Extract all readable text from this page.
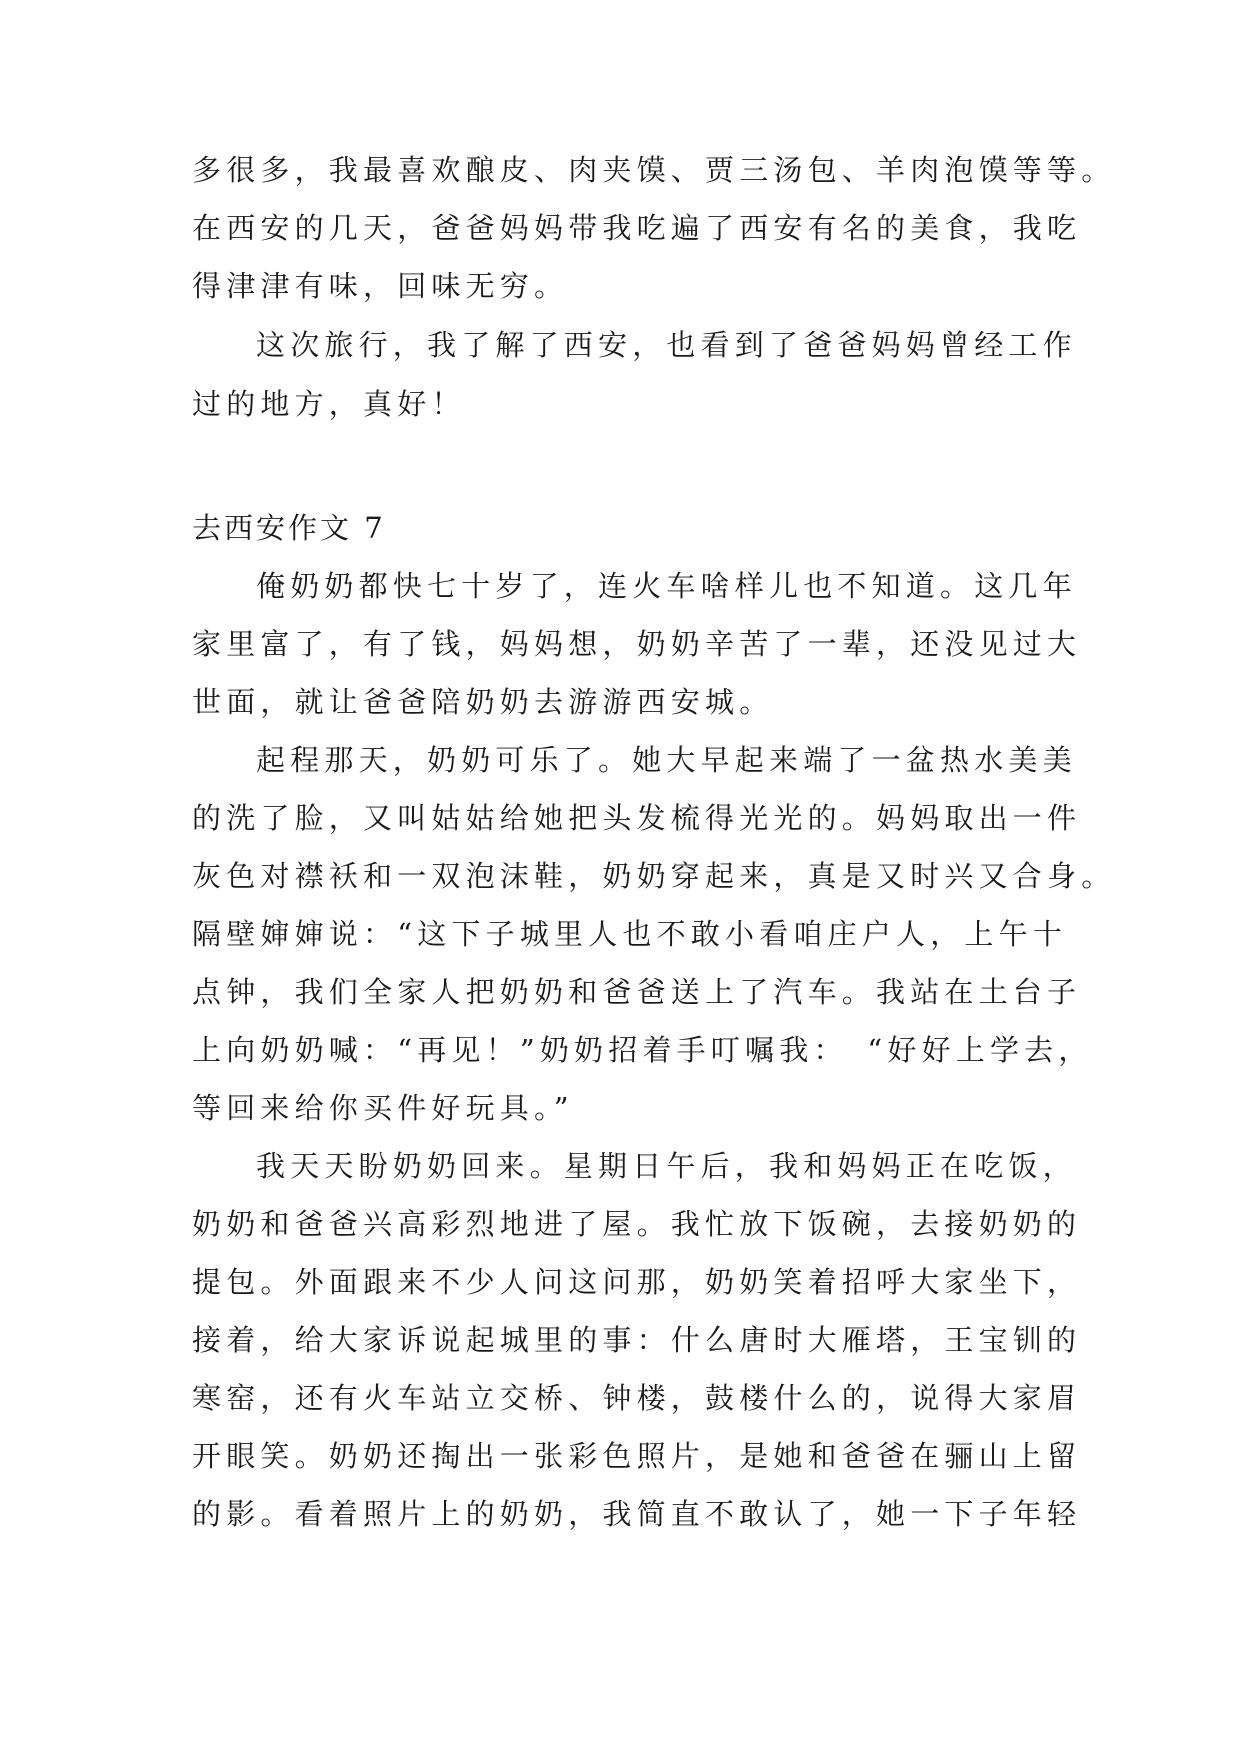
多很多，我最喜欢酿皮、肉夹馍、贾三汤包、羊肉泡馍等等。
在西安的几天，爸爸妈妈带我吃遍了西安有名的美食，我吃
得津津有味，回味无穷。
这次旅行，我了解了西安，也看到了爸爸妈妈曾经工作
过的地方，真好！
去西安作文 7
俺奶奶都快七十岁了，连火车啥样儿也不知道。这几年
家里富了，有了钱，妈妈想，奶奶辛苦了一辈，还没见过大
世面，就让爸爸陪奶奶去游游西安城。
起程那天，奶奶可乐了。她大早起来端了一盆热水美美
的洗了脸，又叫姑姑给她把头发梳得光光的。妈妈取出一件
灰色对襟袄和一双泡沫鞋，奶奶穿起来，真是又时兴又合身。
隔壁婶婶说：“这下子城里人也不敢小看咱庄户人，上午十
点钟，我们全家人把奶奶和爸爸送上了汽车。我站在土台子
上向奶奶喊：“再见！”奶奶招着手叮嘱我：　“好好上学去，
等回来给你买件好玩具。”
我天天盼奶奶回来。星期日午后，我和妈妈正在吃饭，
奶奶和爸爸兴高彩烈地进了屋。我忙放下饭碗，去接奶奶的
提包。外面跟来不少人问这问那，奶奶笑着招呼大家坐下，
接着，给大家诉说起城里的事：什么唐时大雁塔，王宝钏的
寒窑，还有火车站立交桥、钟楼，鼓楼什么的，说得大家眉
开眼笑。奶奶还掏出一张彩色照片，是她和爸爸在骊山上留
的影。看着照片上的奶奶，我简直不敢认了，她一下子年轻
